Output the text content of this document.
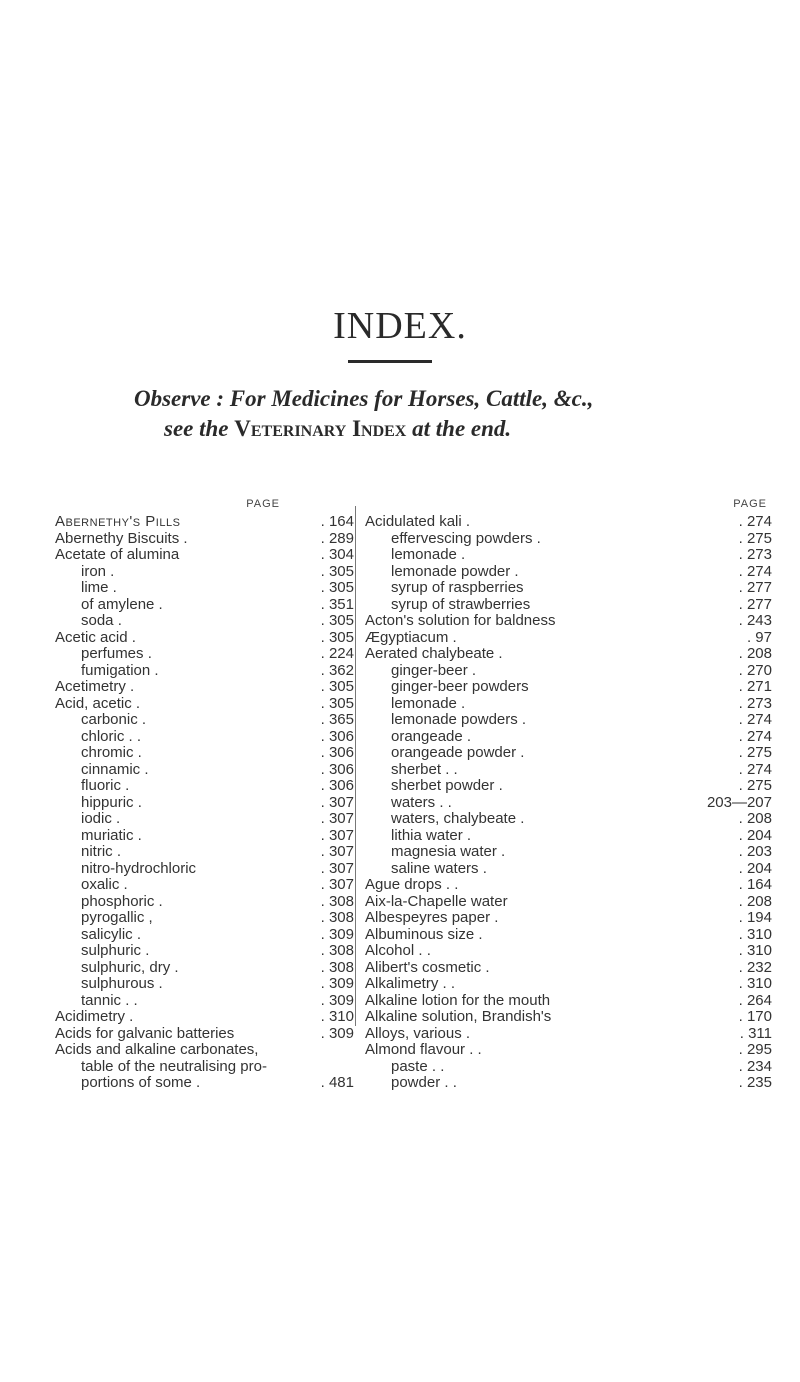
INDEX.
Observe : For Medicines for Horses, Cattle, &c.,
see the Veterinary Index at the end.
PAGE
Abernethy's Pills	. 164
Abernethy Biscuits .	. 289
Acetate of alumina	. 304
iron .	. 305
lime .	. 305
of amylene .	. 351
soda .	. 305
Acetic acid .	. 305
perfumes .	. 224
fumigation .	. 362
Acetimetry .	. 305
Acid, acetic .	. 305
carbonic .	. 365
chloric . .	. 306
chromic .	. 306
cinnamic .	. 306
fluoric .	. 306
hippuric .	. 307
iodic .	. 307
muriatic .	. 307
nitric .	. 307
nitro-hydrochloric	. 307
oxalic .	. 307
phosphoric .	. 308
pyrogallic ,	. 308
salicylic .	. 309
sulphuric .	. 308
sulphuric, dry .	. 308
sulphurous .	. 309
tannic . .	. 309
Acidimetry .	. 310
Acids for galvanic batteries	. 309
Acids and alkaline carbonates,
table of the neutralising pro-
portions of some .	. 481
PAGE
Acidulated kali .	. 274
effervescing powders .	. 275
lemonade .	. 273
lemonade powder .	. 274
syrup of raspberries	. 277
syrup of strawberries	. 277
Acton's solution for baldness	. 243
Ægyptiacum .	. 97
Aerated chalybeate .	. 208
ginger-beer .	. 270
ginger-beer powders	. 271
lemonade .	. 273
lemonade powders .	. 274
orangeade .	. 274
orangeade powder .	. 275
sherbet . .	. 274
sherbet powder .	. 275
waters . .	203—207
waters, chalybeate .	. 208
lithia water .	. 204
magnesia water .	. 203
saline waters .	. 204
Ague drops . .	. 164
Aix-la-Chapelle water	. 208
Albespeyres paper .	. 194
Albuminous size .	. 310
Alcohol . .	. 310
Alibert's cosmetic .	. 232
Alkalimetry . .	. 310
Alkaline lotion for the mouth	. 264
Alkaline solution, Brandish's	. 170
Alloys, various .	. 311
Almond flavour . .	. 295
paste . .	. 234
powder . .	. 235
